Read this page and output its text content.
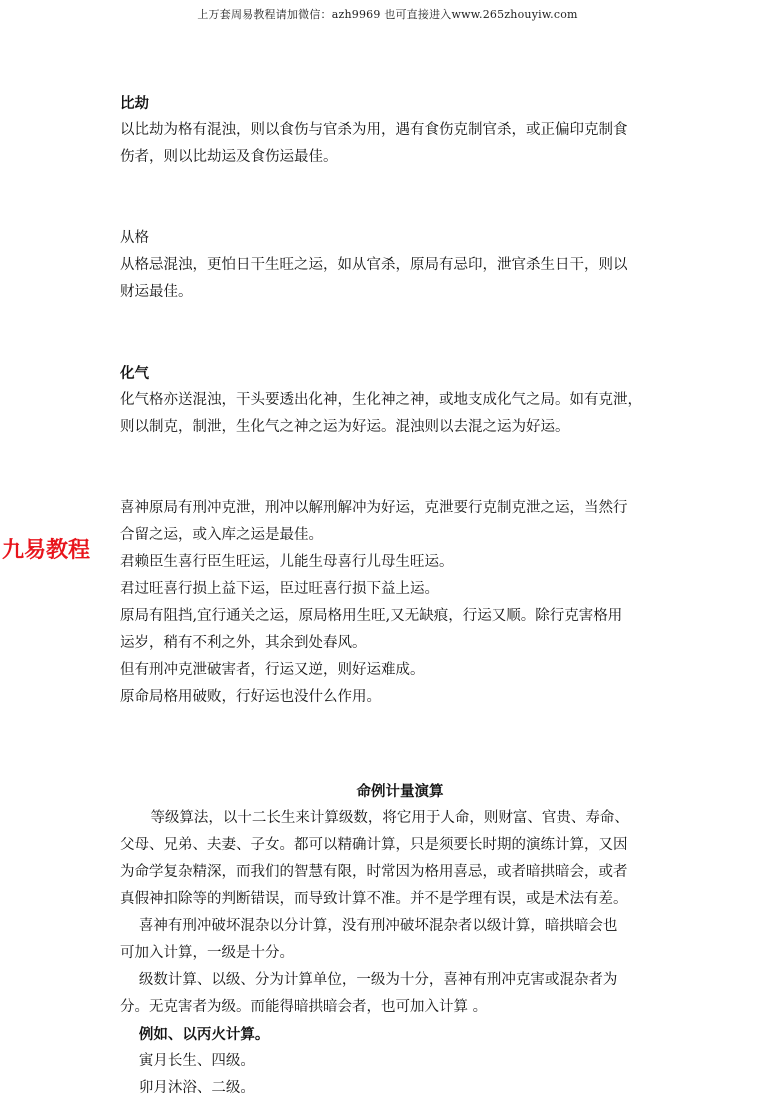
上万套周易教程请加微信：azh9969 也可直接进入www.265zhouyiw.com
九易教程

比劫

以比劫为格有混浊，则以食伤与官杀为用，遇有食伤克制官杀，或正偏印克制食

伤者，则以比劫运及食伤运最佳。

从格

从格忌混浊，更怕日干生旺之运，如从官杀，原局有忌印，泄官杀生日干，则以

财运最佳。

化气

化气格亦送混浊，干头要透出化神，生化神之神，或地支成化气之局。如有克泄，

则以制克，制泄，生化气之神之运为好运。混浊则以去混之运为好运。

喜神原局有刑冲克泄，刑冲以解刑解冲为好运，克泄要行克制克泄之运，当然行

合留之运，或入库之运是最佳。

君赖臣生喜行臣生旺运，儿能生母喜行儿母生旺运。

君过旺喜行损上益下运，臣过旺喜行损下益上运。

原局有阻挡,宜行通关之运，原局格用生旺,又无缺痕，行运又顺。除行克害格用

运岁，稍有不利之外，其余到处春风。

但有刑冲克泄破害者，行运又逆，则好运难成。

原命局格用破败，行好运也没什么作用。

命例计量演算

等级算法，以十二长生来计算级数，将它用于人命，则财富、官贵、寿命、

父母、兄弟、夫妻、子女。都可以精确计算，只是须要长时期的演练计算，又因

为命学复杂精深，而我们的智慧有限，时常因为格用喜忌，或者暗拱暗会，或者

真假神扣除等的判断错误，而导致计算不准。并不是学理有误，或是术法有差。

喜神有刑冲破坏混杂以分计算，没有刑冲破坏混杂者以级计算，暗拱暗会也

可加入计算，一级是十分。

级数计算、以级、分为计算单位，一级为十分，喜神有刑冲克害或混杂者为

分。无克害者为级。而能得暗拱暗会者，也可加入计算 。

例如、以丙火计算。

寅月长生、四级。

卯月沐浴、二级。
